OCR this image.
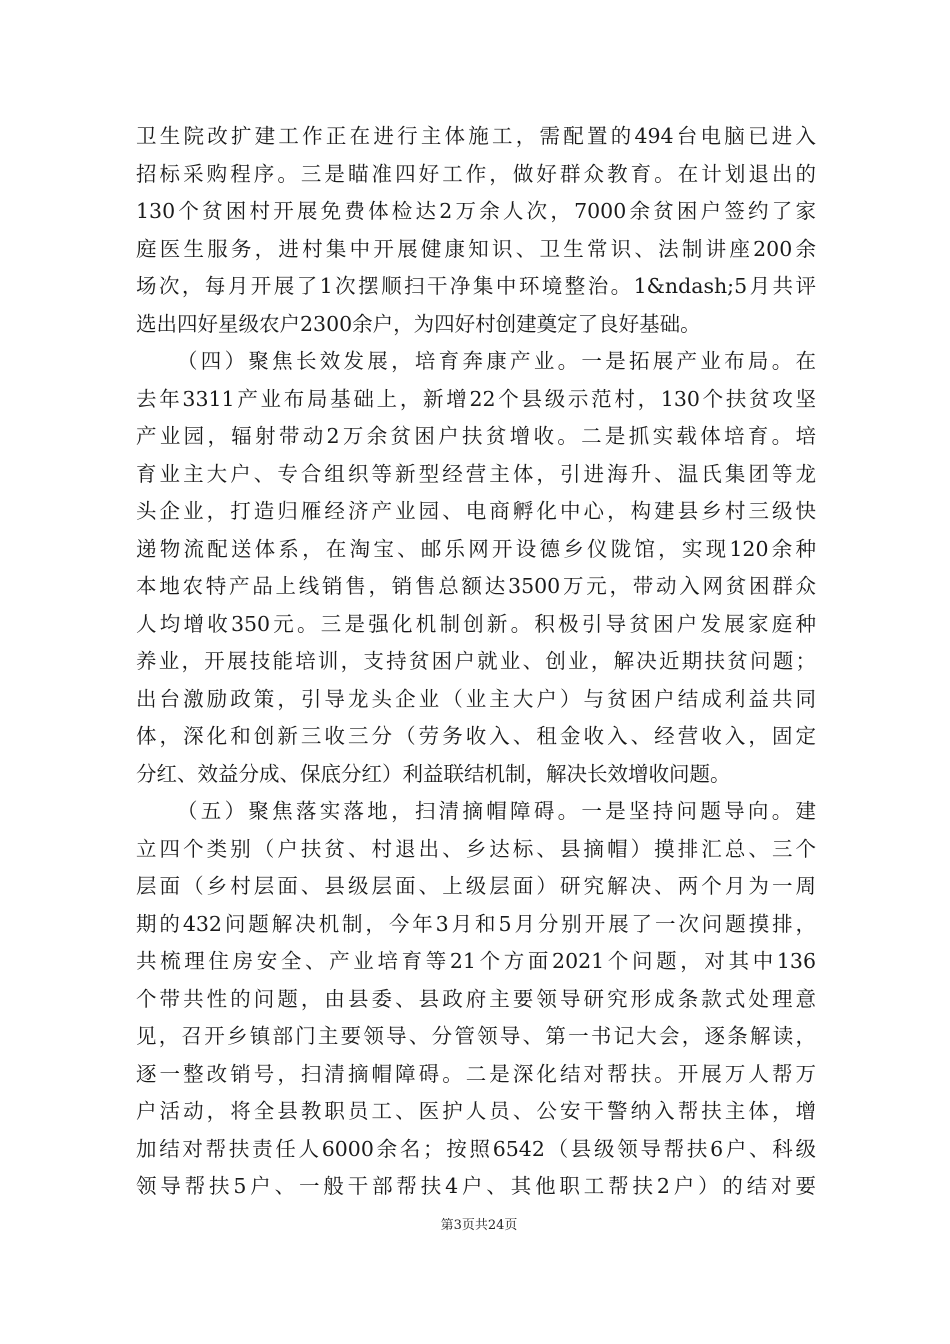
卫生院改扩建工作正在进行主体施工，需配置的494台电脑已进入
招标采购程序。三是瞄准四好工作，做好群众教育。在计划退出的
130个贫困村开展免费体检达2万余人次，7000余贫困户签约了家
庭医生服务，进村集中开展健康知识、卫生常识、法制讲座200余
场次，每月开展了1次摆顺扫干净集中环境整治。1&ndash;5月共评
选出四好星级农户2300余户，为四好村创建奠定了良好基础。
（四）聚焦长效发展，培育奔康产业。一是拓展产业布局。在
去年3311产业布局基础上，新增22个县级示范村，130个扶贫攻坚
产业园，辐射带动2万余贫困户扶贫增收。二是抓实载体培育。培
育业主大户、专合组织等新型经营主体，引进海升、温氏集团等龙
头企业，打造归雁经济产业园、电商孵化中心，构建县乡村三级快
递物流配送体系，在淘宝、邮乐网开设德乡仪陇馆，实现120余种
本地农特产品上线销售，销售总额达3500万元，带动入网贫困群众
人均增收350元。三是强化机制创新。积极引导贫困户发展家庭种
养业，开展技能培训，支持贫困户就业、创业，解决近期扶贫问题；
出台激励政策，引导龙头企业（业主大户）与贫困户结成利益共同
体，深化和创新三收三分（劳务收入、租金收入、经营收入，固定
分红、效益分成、保底分红）利益联结机制，解决长效增收问题。
（五）聚焦落实落地，扫清摘帽障碍。一是坚持问题导向。建
立四个类别（户扶贫、村退出、乡达标、县摘帽）摸排汇总、三个
层面（乡村层面、县级层面、上级层面）研究解决、两个月为一周
期的432问题解决机制，今年3月和5月分别开展了一次问题摸排，
共梳理住房安全、产业培育等21个方面2021个问题，对其中136
个带共性的问题，由县委、县政府主要领导研究形成条款式处理意
见，召开乡镇部门主要领导、分管领导、第一书记大会，逐条解读，
逐一整改销号，扫清摘帽障碍。二是深化结对帮扶。开展万人帮万
户活动，将全县教职员工、医护人员、公安干警纳入帮扶主体，增
加结对帮扶责任人6000余名；按照6542（县级领导帮扶6户、科级
领导帮扶5户、一般干部帮扶4户、其他职工帮扶2户）的结对要
第3页共24页
